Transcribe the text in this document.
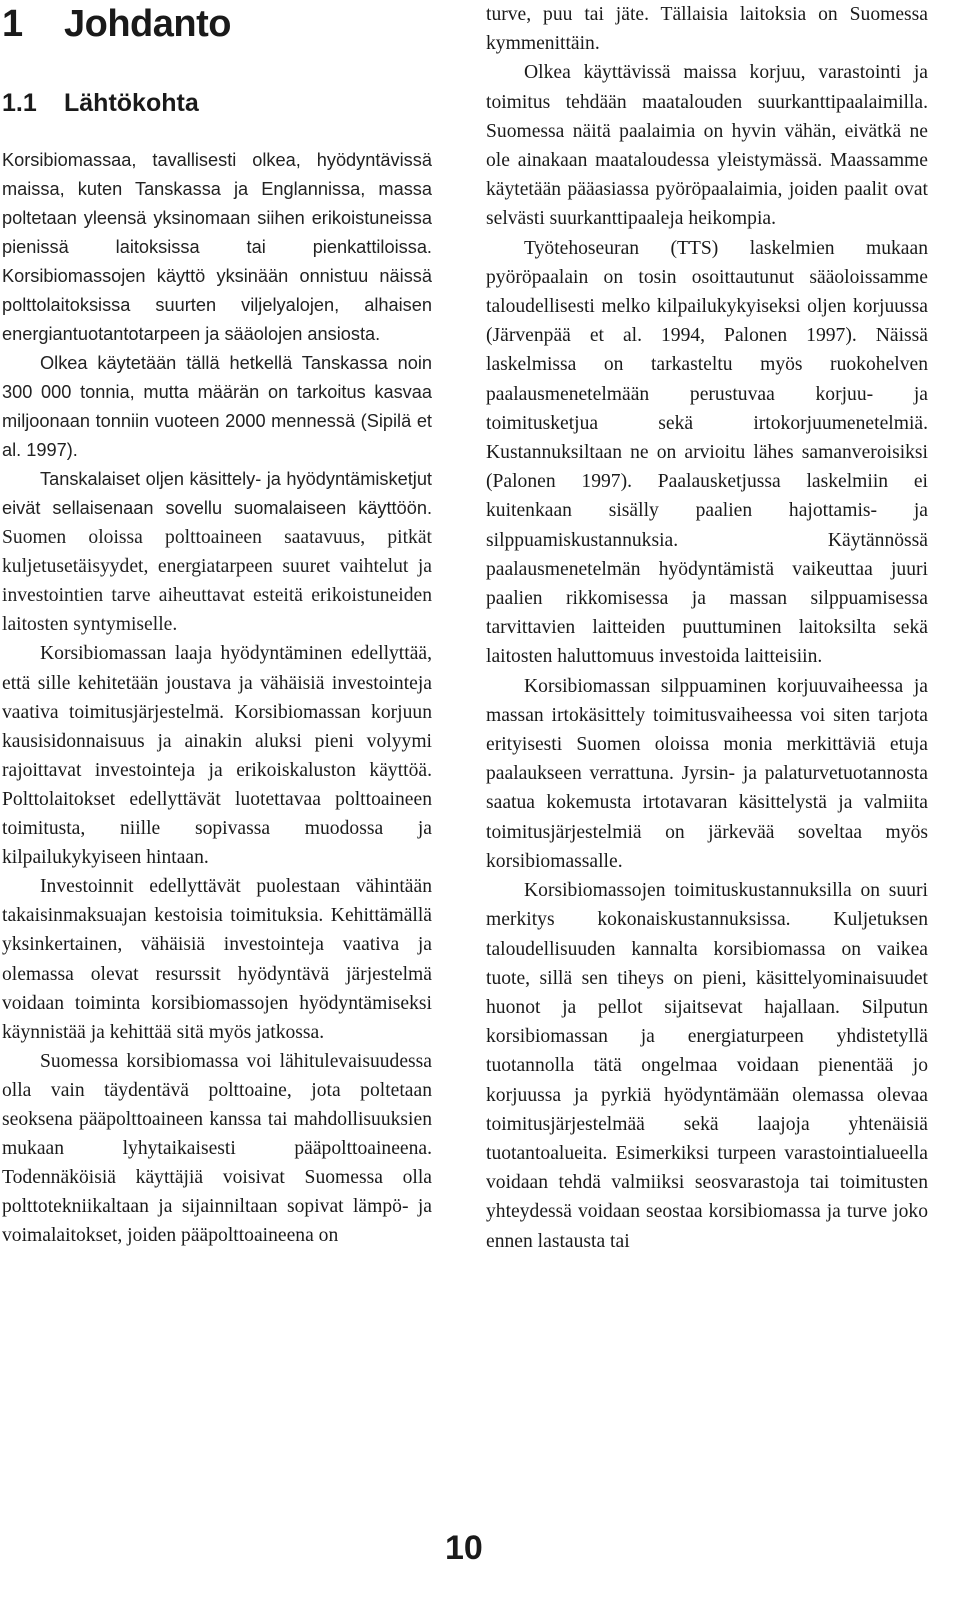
1 Johdanto
1.1 Lähtökohta

Korsibiomassaa, tavallisesti olkea, hyödyntävissä maissa, kuten Tanskassa ja Englannissa, massa poltetaan yleensä yksinomaan siihen erikoistuneissa pienissä laitoksissa tai pienkattiloissa. Korsibiomassojen käyttö yksinään onnistuu näissä polttolaitoksissa suurten viljelyalojen, alhaisen energiantuotantotarpeen ja sääolojen ansiosta.

Olkea käytetään tällä hetkellä Tanskassa noin 300 000 tonnia, mutta määrän on tarkoitus kasvaa miljoonaan tonniin vuoteen 2000 mennessä (Sipilä et al. 1997).

Tanskalaiset oljen käsittely- ja hyödyntämisketjut eivät sellaisenaan sovellu suomalaiseen käyttöön. Suomen oloissa polttoaineen saatavuus, pitkät kuljetusetäisyydet, energiatarpeen suuret vaihtelut ja investointien tarve aiheuttavat esteitä erikoistuneiden laitosten syntymiselle.

Korsibiomassan laaja hyödyntäminen edellyttää, että sille kehitetään joustava ja vähäisiä investointeja vaativa toimitusjärjestelmä. Korsibiomassan korjuun kausisidonnaisuus ja ainakin aluksi pieni volyymi rajoittavat investointeja ja erikoiskaluston käyttöä. Polttolaitokset edellyttävät luotettavaa polttoaineen toimitusta, niille sopivassa muodossa ja kilpailukykyiseen hintaan.

Investoinnit edellyttävät puolestaan vähintään takaisinmaksuajan kestoisia toimituksia. Kehittämällä yksinkertainen, vähäisiä investointeja vaativa ja olemassa olevat resurssit hyödyntävä järjestelmä voidaan toiminta korsibiomassojen hyödyntämiseksi käynnistää ja kehittää sitä myös jatkossa.

Suomessa korsibiomassa voi lähitulevaisuudessa olla vain täydentävä polttoaine, jota poltetaan seoksena pääpolttoaineen kanssa tai mahdollisuuksien mukaan lyhytaikaisesti pääpolttoaineena. Todennäköisiä käyttäjiä voisivat Suomessa olla polttotekniikaltaan ja sijainniltaan sopivat lämpö- ja voimalaitokset, joiden pääpolttoaineena on

turve, puu tai jäte. Tällaisia laitoksia on Suomessa kymmenittäin.

Olkea käyttävissä maissa korjuu, varastointi ja toimitus tehdään maatalouden suurkanttipaalaimilla. Suomessa näitä paalaimia on hyvin vähän, eivätkä ne ole ainakaan maataloudessa yleistymässä. Maassamme käytetään pääasiassa pyöröpaalaimia, joiden paalit ovat selvästi suurkanttipaaleja heikompia.

Työtehoseuran (TTS) laskelmien mukaan pyöröpaalain on tosin osoittautunut sääoloissamme taloudellisesti melko kilpailukykyiseksi oljen korjuussa (Järvenpää et al. 1994, Palonen 1997). Näissä laskelmissa on tarkasteltu myös ruokohelven paalausmenetelmään perustuvaa korjuu- ja toimitusketjua sekä irtokorjuumenetelmiä. Kustannuksiltaan ne on arvioitu lähes samanveroisiksi (Palonen 1997). Paalausketjussa laskelmiin ei kuitenkaan sisälly paalien hajottamis- ja silppuamiskustannuksia. Käytännössä paalausmenetelmän hyödyntämistä vaikeuttaa juuri paalien rikkomisessa ja massan silppuamisessa tarvittavien laitteiden puuttuminen laitoksilta sekä laitosten haluttomuus investoida laitteisiin.

Korsibiomassan silppuaminen korjuuvaiheessa ja massan irtokäsittely toimitusvaiheessa voi siten tarjota erityisesti Suomen oloissa monia merkittäviä etuja paalaukseen verrattuna. Jyrsin- ja palaturvetuotannosta saatua kokemusta irtotavaran käsittelystä ja valmiita toimitusjärjestelmiä on järkevää soveltaa myös korsibiomassalle.

Korsibiomassojen toimituskustannuksilla on suuri merkitys kokonaiskustannuksissa. Kuljetuksen taloudellisuuden kannalta korsibiomassa on vaikea tuote, sillä sen tiheys on pieni, käsittelyominaisuudet huonot ja pellot sijaitsevat hajallaan. Silputun korsibiomassan ja energiaturpeen yhdistetyllä tuotannolla tätä ongelmaa voidaan pienentää jo korjuussa ja pyrkiä hyödyntämään olemassa olevaa toimitusjärjestelmää sekä laajoja yhtenäisiä tuotantoalueita. Esimerkiksi turpeen varastointialueella voidaan tehdä valmiiksi seosvarastoja tai toimitusten yhteydessä voidaan seostaa korsibiomassa ja turve joko ennen lastausta tai

10
